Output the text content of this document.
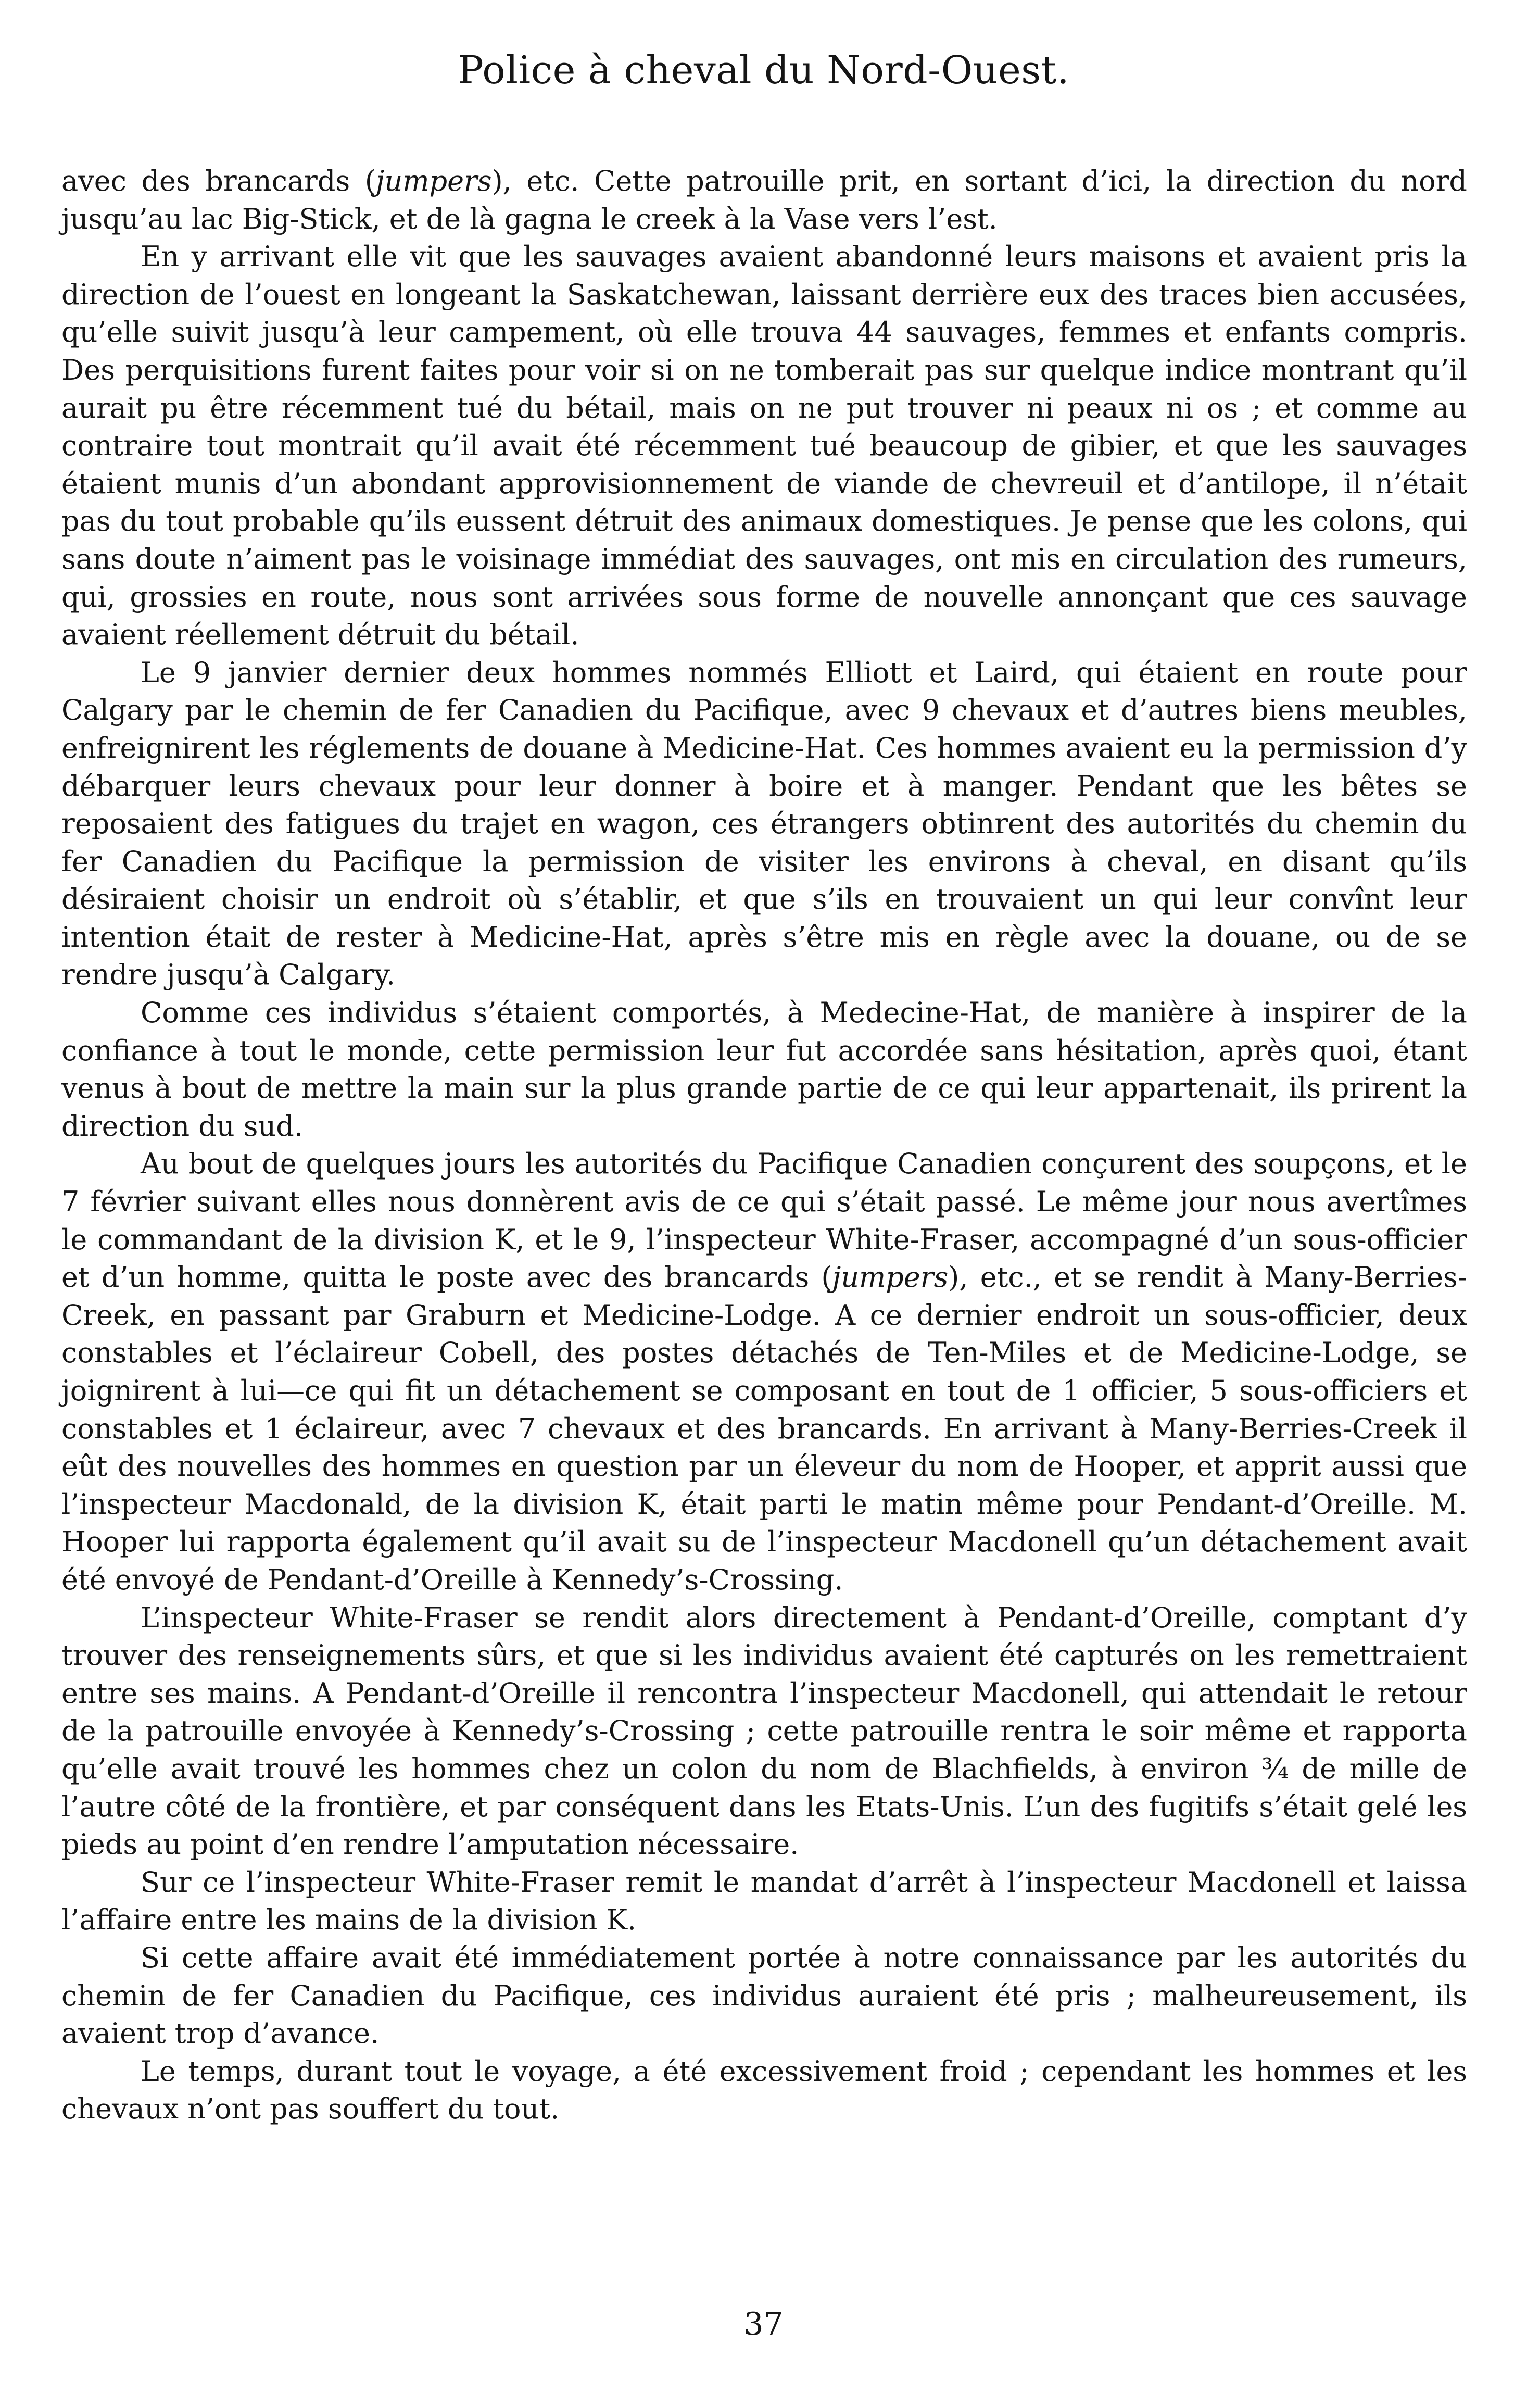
Police à cheval du Nord-Ouest.

avec des brancards (jumpers), etc. Cette patrouille prit, en sortant d’ici, la direction du nord jusqu’au lac Big-Stick, et de là gagna le creek à la Vase vers l’est.

En y arrivant elle vit que les sauvages avaient abandonné leurs maisons et avaient pris la direction de l’ouest en longeant la Saskatchewan, laissant derrière eux des traces bien accusées, qu’elle suivit jusqu’à leur campement, où elle trouva 44 sauvages, femmes et enfants compris. Des perquisitions furent faites pour voir si on ne tomberait pas sur quelque indice montrant qu’il aurait pu être récemment tué du bétail, mais on ne put trouver ni peaux ni os ; et comme au contraire tout montrait qu’il avait été récemment tué beaucoup de gibier, et que les sauvages étaient munis d’un abondant approvisionnement de viande de chevreuil et d’antilope, il n’était pas du tout probable qu’ils eussent détruit des animaux domestiques. Je pense que les colons, qui sans doute n’aiment pas le voisinage immédiat des sauvages, ont mis en circulation des rumeurs, qui, grossies en route, nous sont arrivées sous forme de nouvelle annonçant que ces sauvage avaient réellement détruit du bétail.

Le 9 janvier dernier deux hommes nommés Elliott et Laird, qui étaient en route pour Calgary par le chemin de fer Canadien du Pacifique, avec 9 chevaux et d’autres biens meubles, enfreignirent les réglements de douane à Medicine-Hat. Ces hommes avaient eu la permission d’y débarquer leurs chevaux pour leur donner à boire et à manger. Pendant que les bêtes se reposaient des fatigues du trajet en wagon, ces étrangers obtinrent des autorités du chemin du fer Canadien du Pacifique la permission de visiter les environs à cheval, en disant qu’ils désiraient choisir un endroit où s’établir, et que s’ils en trouvaient un qui leur convînt leur intention était de rester à Medicine-Hat, après s’être mis en règle avec la douane, ou de se rendre jusqu’à Calgary.

Comme ces individus s’étaient comportés, à Medecine-Hat, de manière à inspirer de la confiance à tout le monde, cette permission leur fut accordée sans hésitation, après quoi, étant venus à bout de mettre la main sur la plus grande partie de ce qui leur appartenait, ils prirent la direction du sud.

Au bout de quelques jours les autorités du Pacifique Canadien conçurent des soupçons, et le 7 février suivant elles nous donnèrent avis de ce qui s’était passé. Le même jour nous avertîmes le commandant de la division K, et le 9, l’inspecteur White-Fraser, accompagné d’un sous-officier et d’un homme, quitta le poste avec des brancards (jumpers), etc., et se rendit à Many-Berries-Creek, en passant par Graburn et Medicine-Lodge. A ce dernier endroit un sous-officier, deux constables et l’éclaireur Cobell, des postes détachés de Ten-Miles et de Medicine-Lodge, se joignirent à lui—ce qui fit un détachement se composant en tout de 1 officier, 5 sous-officiers et constables et 1 éclaireur, avec 7 chevaux et des brancards. En arrivant à Many-Berries-Creek il eût des nouvelles des hommes en question par un éleveur du nom de Hooper, et apprit aussi que l’inspecteur Macdonald, de la division K, était parti le matin même pour Pendant-d’Oreille. M. Hooper lui rapporta également qu’il avait su de l’inspecteur Macdonell qu’un détachement avait été envoyé de Pendant-d’Oreille à Kennedy’s-Crossing.

L’inspecteur White-Fraser se rendit alors directement à Pendant-d’Oreille, comptant d’y trouver des renseignements sûrs, et que si les individus avaient été capturés on les remettraient entre ses mains. A Pendant-d’Oreille il rencontra l’inspecteur Macdonell, qui attendait le retour de la patrouille envoyée à Kennedy’s-Crossing ; cette patrouille rentra le soir même et rapporta qu’elle avait trouvé les hommes chez un colon du nom de Blachfields, à environ ¾ de mille de l’autre côté de la frontière, et par conséquent dans les Etats-Unis. L’un des fugitifs s’était gelé les pieds au point d’en rendre l’amputation nécessaire.

Sur ce l’inspecteur White-Fraser remit le mandat d’arrêt à l’inspecteur Macdonell et laissa l’affaire entre les mains de la division K.

Si cette affaire avait été immédiatement portée à notre connaissance par les autorités du chemin de fer Canadien du Pacifique, ces individus auraient été pris ; malheureusement, ils avaient trop d’avance.

Le temps, durant tout le voyage, a été excessivement froid ; cependant les hommes et les chevaux n’ont pas souffert du tout.

37
